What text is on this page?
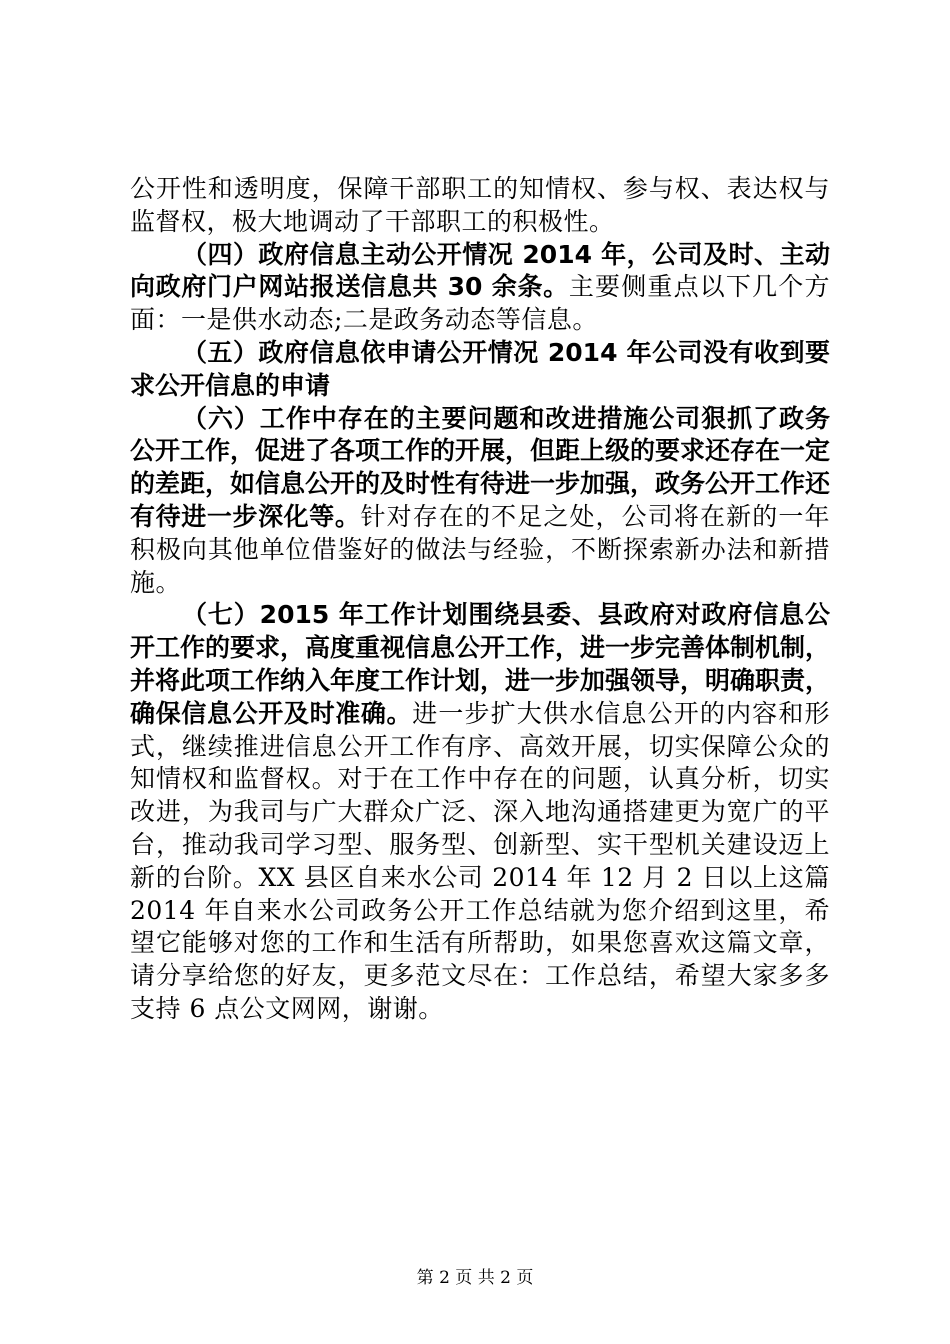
公开性和透明度，保障干部职工的知情权、参与权、表达权与监督权，极大地调动了干部职工的积极性。

（四）政府信息主动公开情况 2014 年，公司及时、主动向政府门户网站报送信息共 30 余条。主要侧重点以下几个方面：一是供水动态;二是政务动态等信息。

（五）政府信息依申请公开情况 2014 年公司没有收到要求公开信息的申请

（六）工作中存在的主要问题和改进措施公司狠抓了政务公开工作，促进了各项工作的开展，但距上级的要求还存在一定的差距，如信息公开的及时性有待进一步加强，政务公开工作还有待进一步深化等。针对存在的不足之处，公司将在新的一年积极向其他单位借鉴好的做法与经验，不断探索新办法和新措施。

（七）2015 年工作计划围绕县委、县政府对政府信息公开工作的要求，高度重视信息公开工作，进一步完善体制机制，并将此项工作纳入年度工作计划，进一步加强领导，明确职责，确保信息公开及时准确。进一步扩大供水信息公开的内容和形式，继续推进信息公开工作有序、高效开展，切实保障公众的知情权和监督权。对于在工作中存在的问题，认真分析，切实改进，为我司与广大群众广泛、深入地沟通搭建更为宽广的平台，推动我司学习型、服务型、创新型、实干型机关建设迈上新的台阶。XX 县区自来水公司 2014 年 12 月 2 日以上这篇 2014 年自来水公司政务公开工作总结就为您介绍到这里，希望它能够对您的工作和生活有所帮助，如果您喜欢这篇文章，请分享给您的好友，更多范文尽在：工作总结，希望大家多多支持 6 点公文网网，谢谢。

第 2 页 共 2 页
